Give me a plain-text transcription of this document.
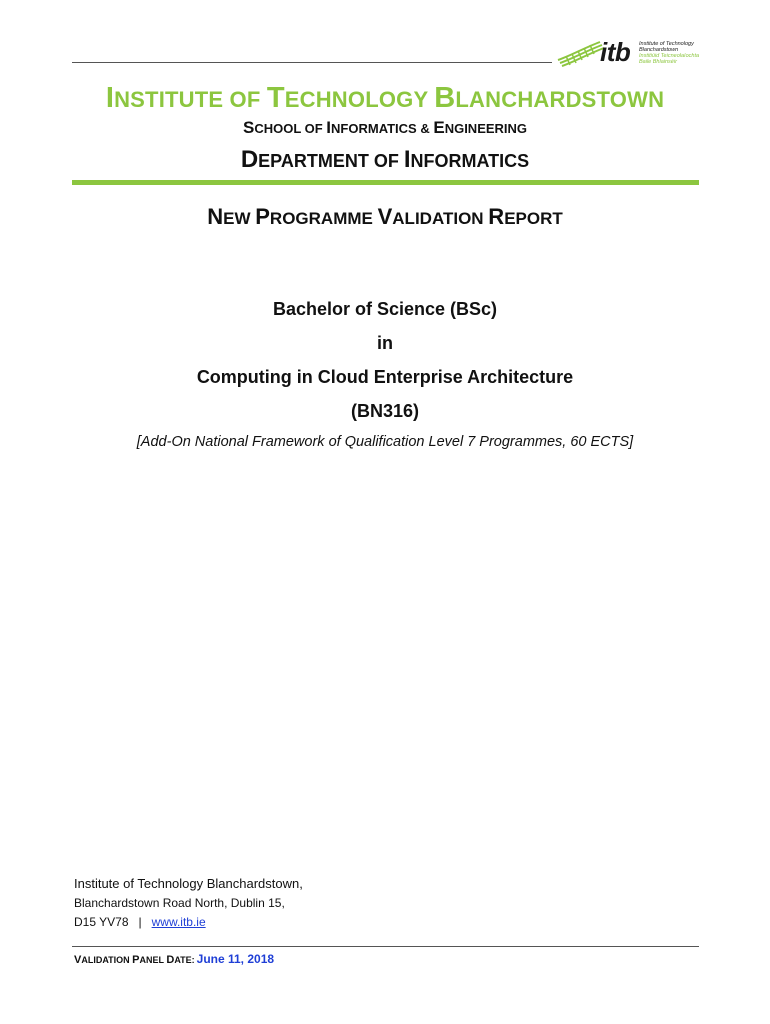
itb Institute of Technology
Blanchardstown
Institiúid Teicneolaíochta
Baile Bhlainséir
INSTITUTE OF TECHNOLOGY BLANCHARDSTOWN
SCHOOL OF INFORMATICS & ENGINEERING
DEPARTMENT OF INFORMATICS
NEW PROGRAMME VALIDATION REPORT
Bachelor of Science (BSc)
in
Computing in Cloud Enterprise Architecture
(BN316)
[Add-On National Framework of Qualification Level 7 Programmes, 60 ECTS]
Institute of Technology Blanchardstown,
Blanchardstown Road North, Dublin 15,
D15 YV78   |   www.itb.ie
VALIDATION PANEL DATE: June 11, 2018
